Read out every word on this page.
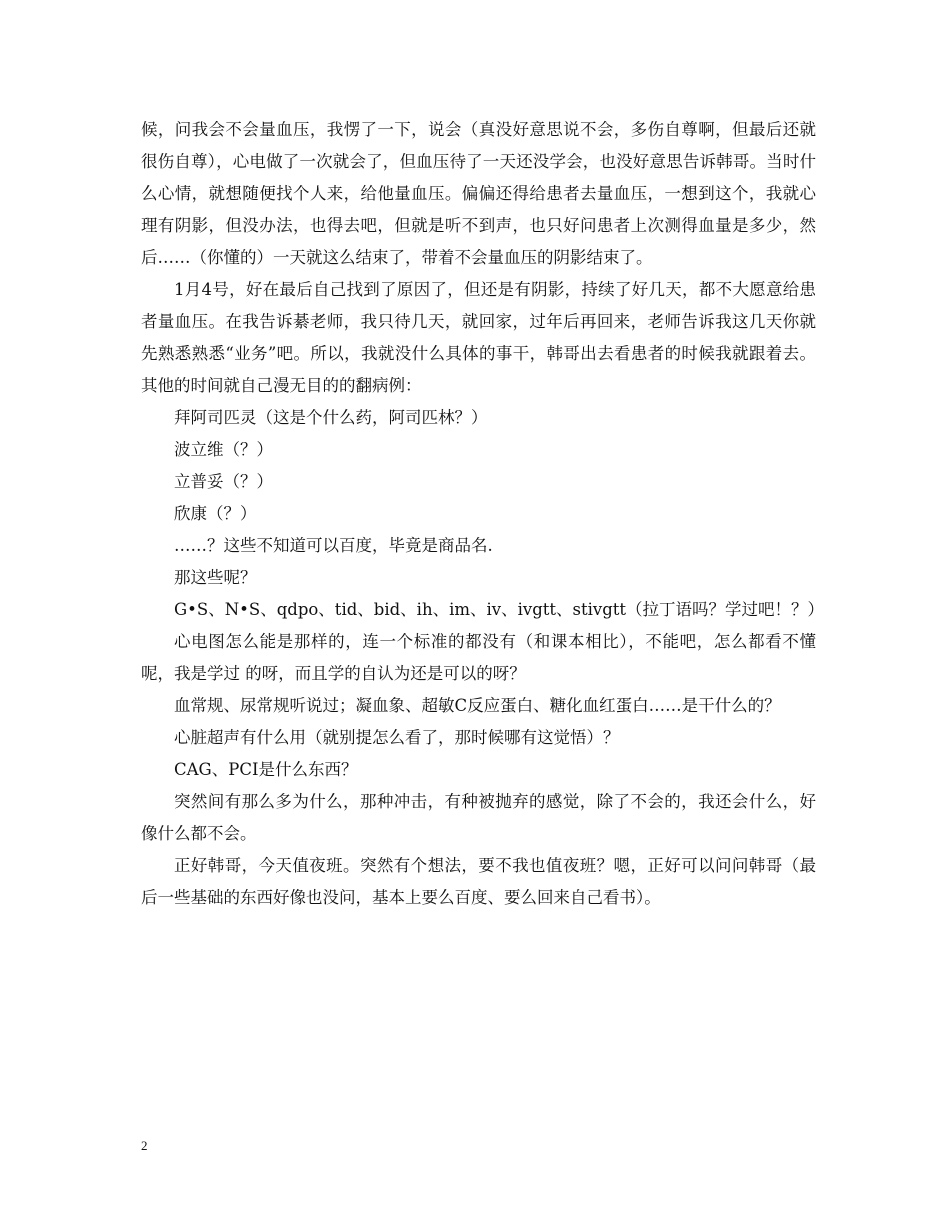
候，问我会不会量血压，我愣了一下，说会（真没好意思说不会，多伤自尊啊，但最后还就很伤自尊），心电做了一次就会了，但血压待了一天还没学会，也没好意思告诉韩哥。当时什么心情，就想随便找个人来，给他量血压。偏偏还得给患者去量血压，一想到这个，我就心理有阴影，但没办法，也得去吧，但就是听不到声，也只好问患者上次测得血量是多少，然后……（你懂的）一天就这么结束了，带着不会量血压的阴影结束了。

1月4号，好在最后自己找到了原因了，但还是有阴影，持续了好几天，都不大愿意给患者量血压。在我告诉綦老师，我只待几天，就回家，过年后再回来，老师告诉我这几天你就先熟悉熟悉“业务”吧。所以，我就没什么具体的事干，韩哥出去看患者的时候我就跟着去。其他的时间就自己漫无目的的翻病例：

拜阿司匹灵（这是个什么药，阿司匹林？）

波立维（？）

立普妥（？）

欣康（？）

……？这些不知道可以百度，毕竟是商品名.

那这些呢？

G•S、N•S、qdpo、tid、bid、ih、im、iv、ivgtt、stivgtt（拉丁语吗？学过吧！？）

心电图怎么能是那样的，连一个标准的都没有（和课本相比），不能吧，怎么都看不懂呢，我是学过 的呀，而且学的自认为还是可以的呀？

血常规、尿常规听说过；凝血象、超敏C反应蛋白、糖化血红蛋白……是干什么的？

心脏超声有什么用（就别提怎么看了，那时候哪有这觉悟）？

CAG、PCI是什么东西？

突然间有那么多为什么，那种冲击，有种被抛弃的感觉，除了不会的，我还会什么，好像什么都不会。

正好韩哥，今天值夜班。突然有个想法，要不我也值夜班？嗯，正好可以问问韩哥（最后一些基础的东西好像也没问，基本上要么百度、要么回来自己看书）。

2
